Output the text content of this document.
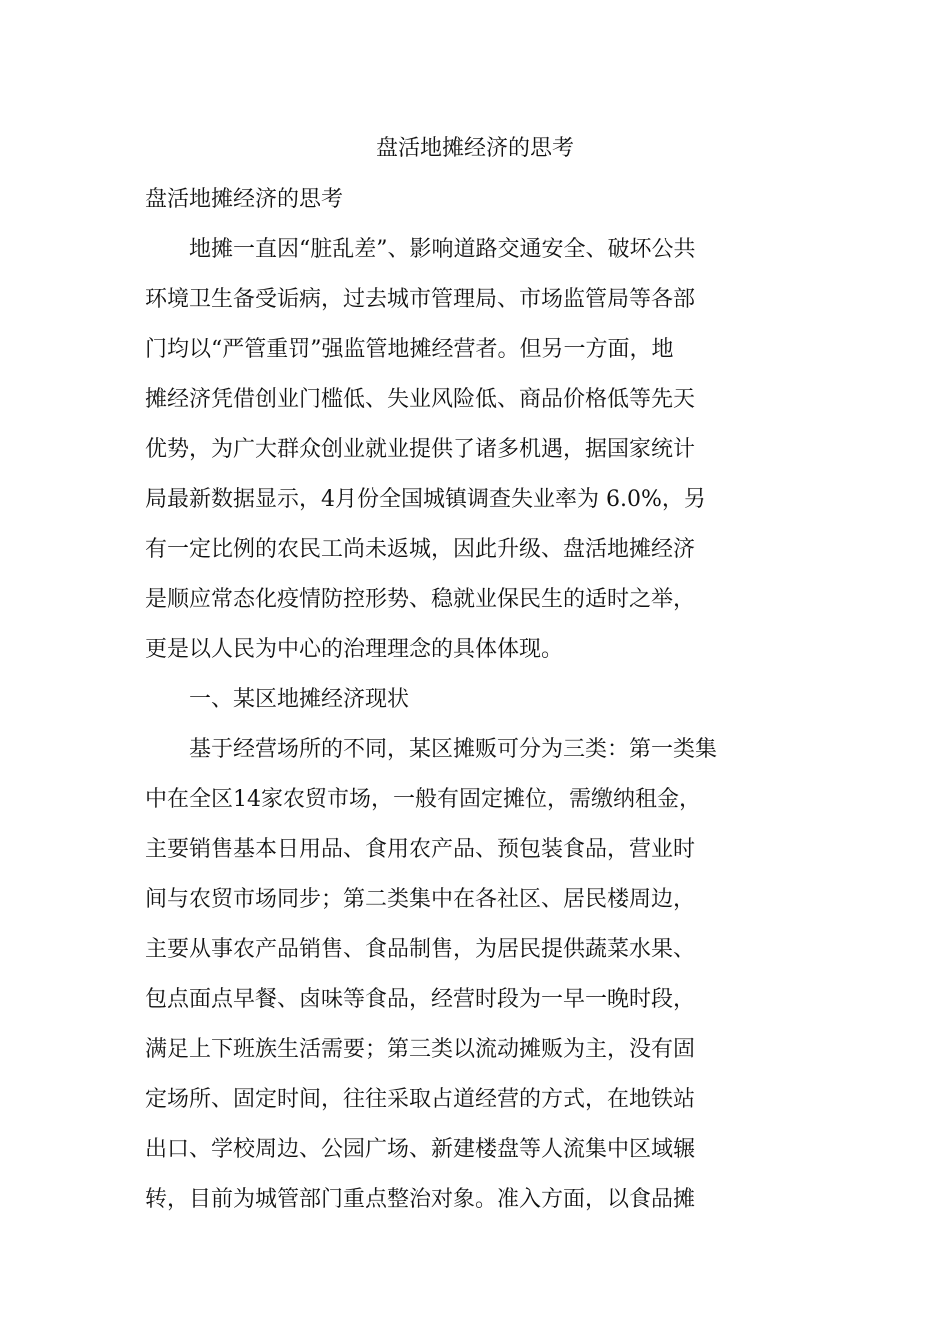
盘活地摊经济的思考
盘活地摊经济的思考
地摊一直因“脏乱差”、影响道路交通安全、破坏公共
环境卫生备受诟病，过去城市管理局、市场监管局等各部
门均以“严管重罚”强监管地摊经营者。但另一方面，地
摊经济凭借创业门槛低、失业风险低、商品价格低等先天
优势，为广大群众创业就业提供了诸多机遇，据国家统计
局最新数据显示，4月份全国城镇调查失业率为 6.0%，另
有一定比例的农民工尚未返城，因此升级、盘活地摊经济
是顺应常态化疫情防控形势、稳就业保民生的适时之举，
更是以人民为中心的治理理念的具体体现。
一、某区地摊经济现状
基于经营场所的不同，某区摊贩可分为三类：第一类集
中在全区14家农贸市场，一般有固定摊位，需缴纳租金，
主要销售基本日用品、食用农产品、预包装食品，营业时
间与农贸市场同步；第二类集中在各社区、居民楼周边，
主要从事农产品销售、食品制售，为居民提供蔬菜水果、
包点面点早餐、卤味等食品，经营时段为一早一晚时段，
满足上下班族生活需要；第三类以流动摊贩为主，没有固
定场所、固定时间，往往采取占道经营的方式，在地铁站
出口、学校周边、公园广场、新建楼盘等人流集中区域辗
转，目前为城管部门重点整治对象。准入方面，以食品摊
